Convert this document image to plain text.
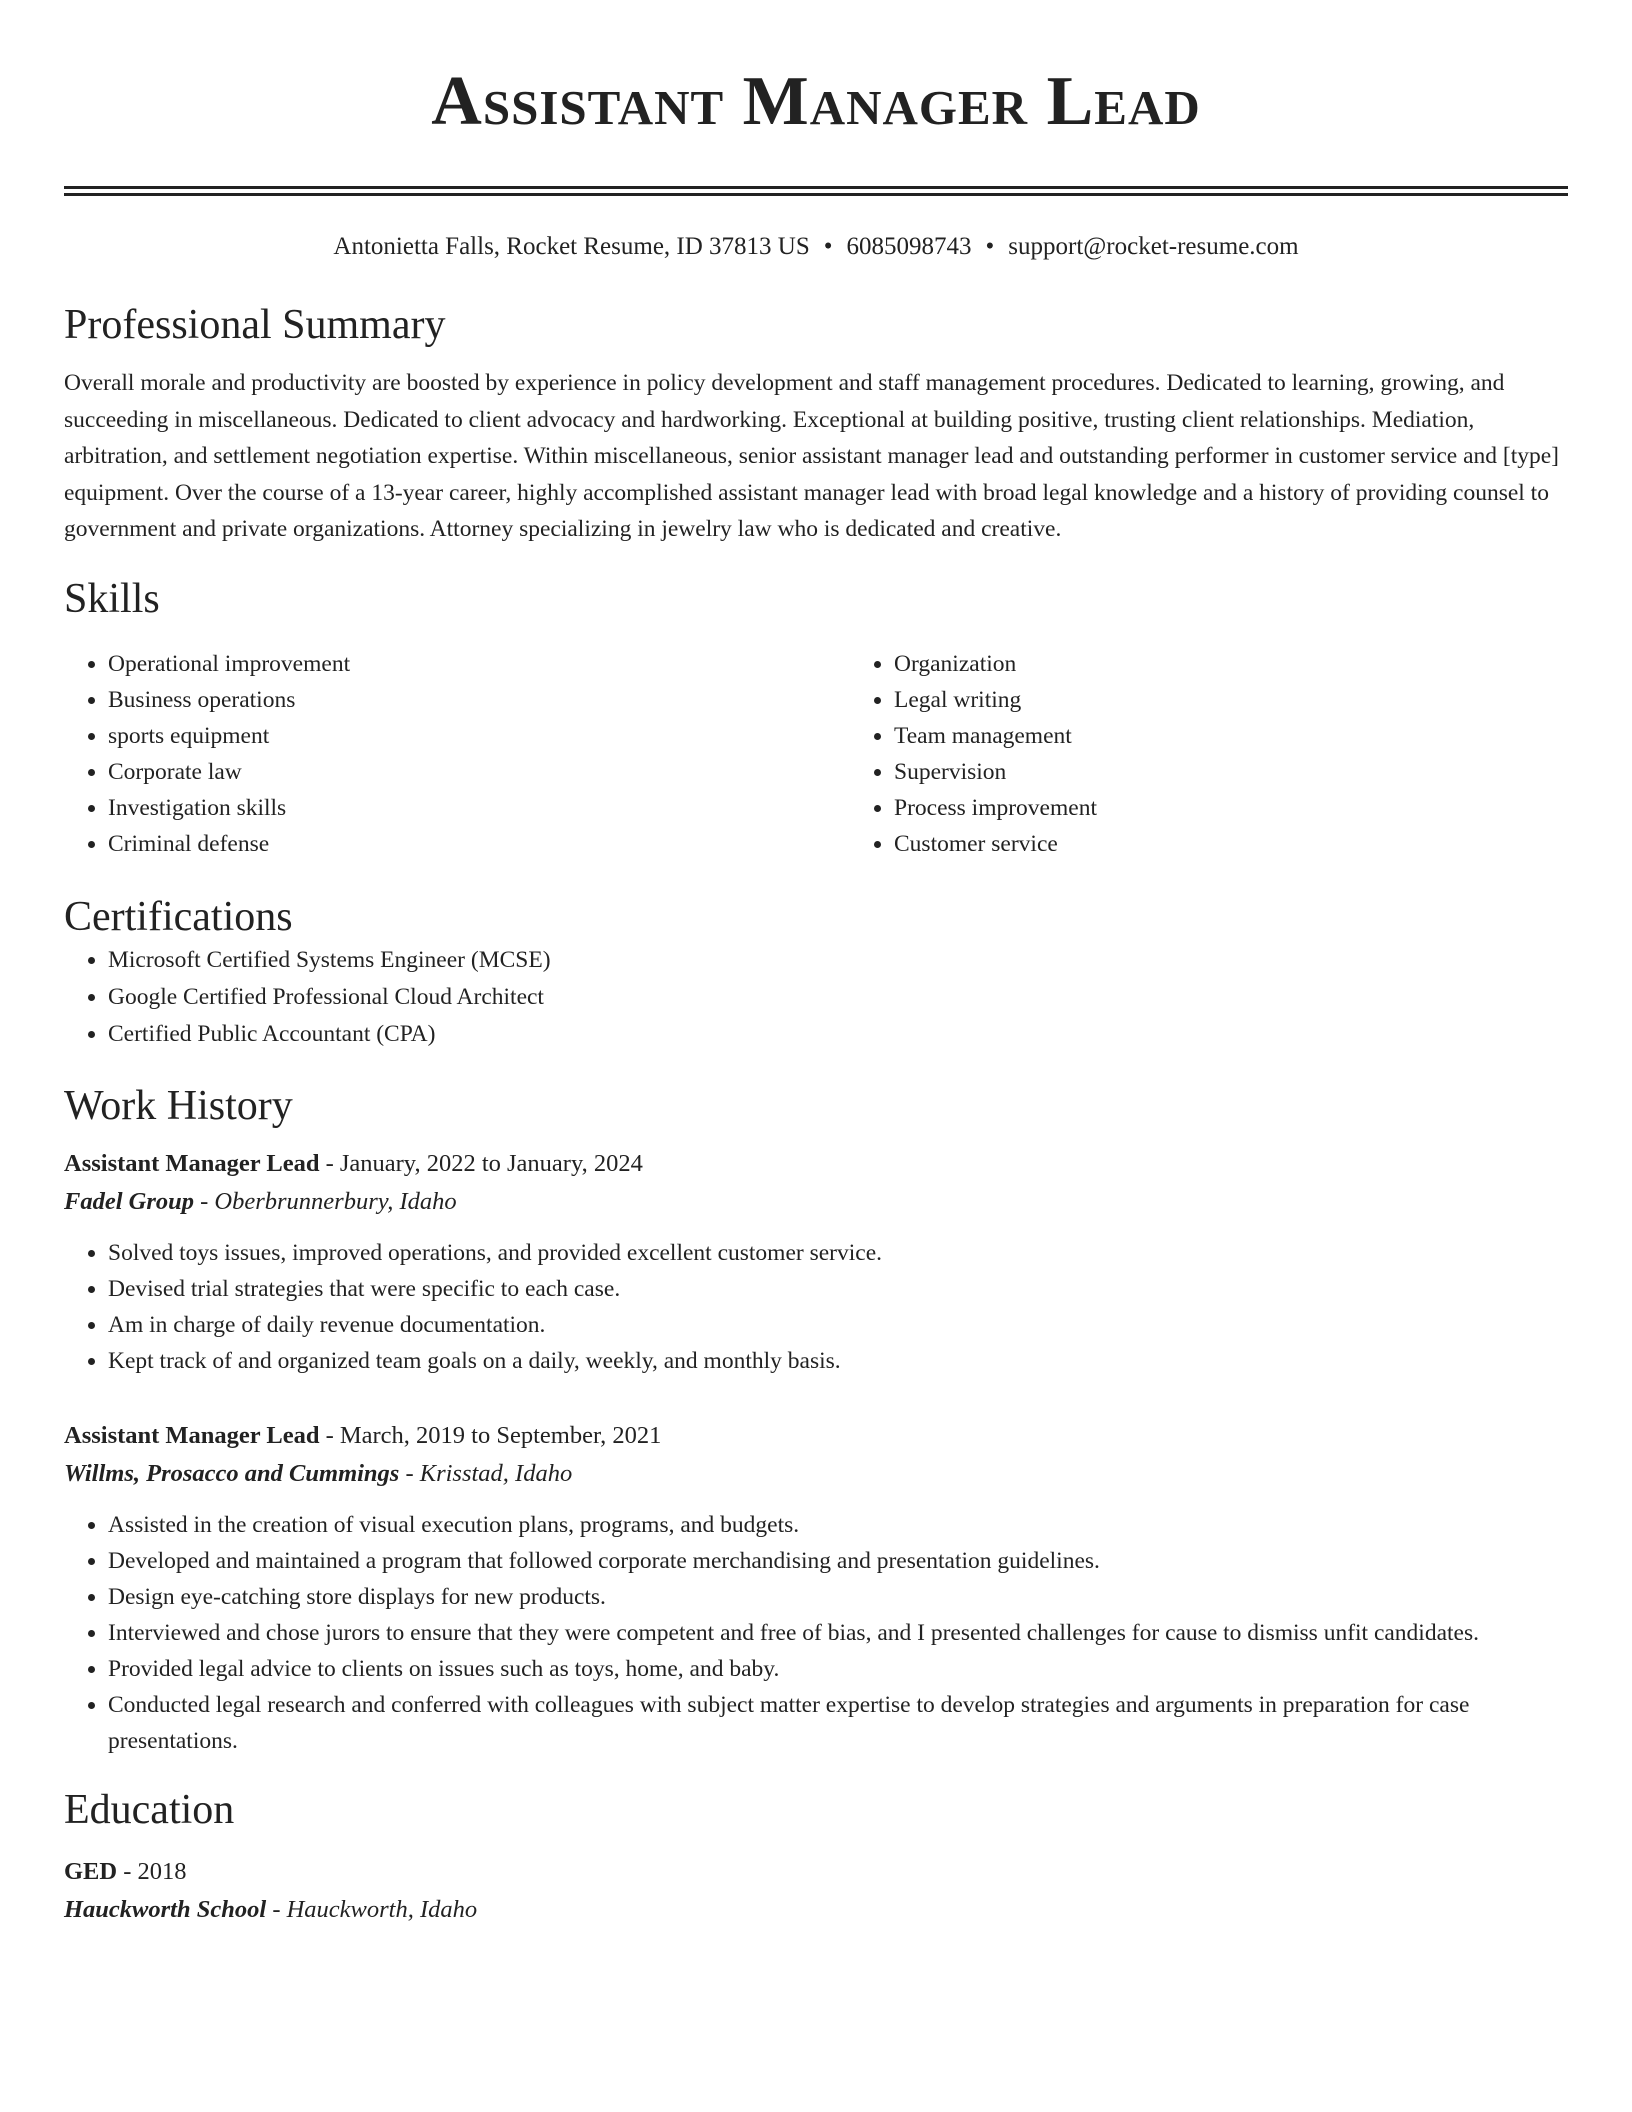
Assistant Manager Lead
Antonietta Falls, Rocket Resume, ID 37813 US • 6085098743 • support@rocket-resume.com
Professional Summary

Overall morale and productivity are boosted by experience in policy development and staff management procedures. Dedicated to learning, growing, and succeeding in miscellaneous. Dedicated to client advocacy and hardworking. Exceptional at building positive, trusting client relationships. Mediation, arbitration, and settlement negotiation expertise. Within miscellaneous, senior assistant manager lead and outstanding performer in customer service and [type] equipment. Over the course of a 13-year career, highly accomplished assistant manager lead with broad legal knowledge and a history of providing counsel to government and private organizations. Attorney specializing in jewelry law who is dedicated and creative.

Skills
• Operational improvement
• Business operations
• sports equipment
• Corporate law
• Investigation skills
• Criminal defense
• Organization
• Legal writing
• Team management
• Supervision
• Process improvement
• Customer service
Certifications
• Microsoft Certified Systems Engineer (MCSE)
• Google Certified Professional Cloud Architect
• Certified Public Accountant (CPA)
Work History
Assistant Manager Lead - January, 2022 to January, 2024
Fadel Group - Oberbrunnerbury, Idaho
• Solved toys issues, improved operations, and provided excellent customer service.
• Devised trial strategies that were specific to each case.
• Am in charge of daily revenue documentation.
• Kept track of and organized team goals on a daily, weekly, and monthly basis.
Assistant Manager Lead - March, 2019 to September, 2021
Willms, Prosacco and Cummings - Krisstad, Idaho
• Assisted in the creation of visual execution plans, programs, and budgets.
• Developed and maintained a program that followed corporate merchandising and presentation guidelines.
• Design eye-catching store displays for new products.
• Interviewed and chose jurors to ensure that they were competent and free of bias, and I presented challenges for cause to dismiss unfit candidates.
• Provided legal advice to clients on issues such as toys, home, and baby.
• Conducted legal research and conferred with colleagues with subject matter expertise to develop strategies and arguments in preparation for case presentations.
Education
GED - 2018
Hauckworth School - Hauckworth, Idaho
